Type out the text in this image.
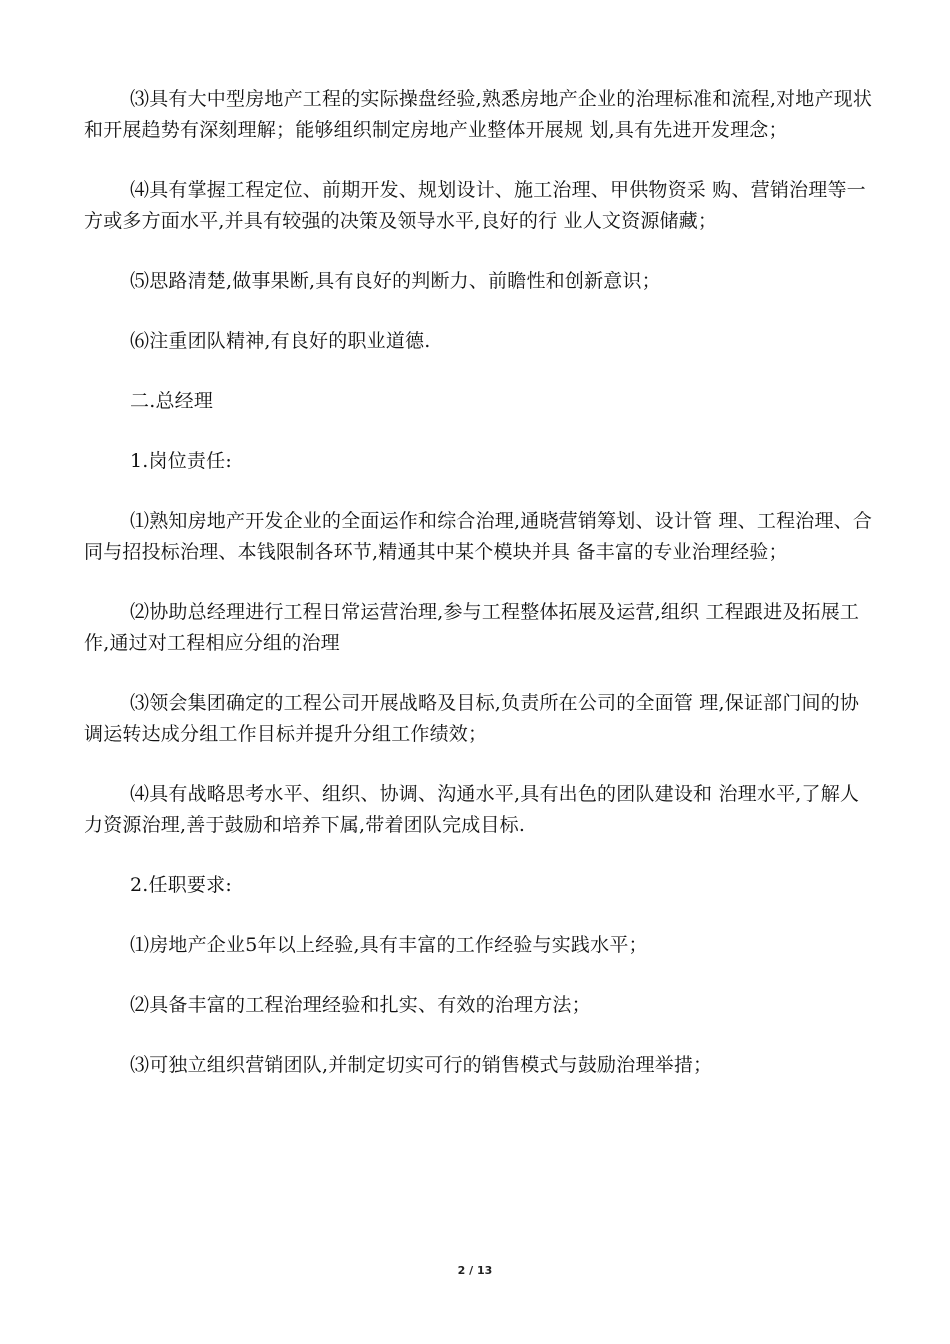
⑶具有大中型房地产工程的实际操盘经验,熟悉房地产企业的治理标准和流程,对地产现状和开展趋势有深刻理解；能够组织制定房地产业整体开展规 划,具有先进开发理念；

⑷具有掌握工程定位、前期开发、规划设计、施工治理、甲供物资采 购、营销治理等一方或多方面水平,并具有较强的决策及领导水平,良好的行 业人文资源储藏；

⑸思路清楚,做事果断,具有良好的判断力、前瞻性和创新意识；

⑹注重团队精神,有良好的职业道德.

二.总经理

1.岗位责任:

⑴熟知房地产开发企业的全面运作和综合治理,通晓营销筹划、设计管 理、工程治理、合同与招投标治理、本钱限制各环节,精通其中某个模块并具 备丰富的专业治理经验；

⑵协助总经理进行工程日常运营治理,参与工程整体拓展及运营,组织 工程跟进及拓展工作,通过对工程相应分组的治理

⑶领会集团确定的工程公司开展战略及目标,负责所在公司的全面管 理,保证部门间的协调运转达成分组工作目标并提升分组工作绩效；

⑷具有战略思考水平、组织、协调、沟通水平,具有出色的团队建设和 治理水平,了解人力资源治理,善于鼓励和培养下属,带着团队完成目标.

2.任职要求:

⑴房地产企业5年以上经验,具有丰富的工作经验与实践水平；

⑵具备丰富的工程治理经验和扎实、有效的治理方法；

⑶可独立组织营销团队,并制定切实可行的销售模式与鼓励治理举措；

2 / 13
